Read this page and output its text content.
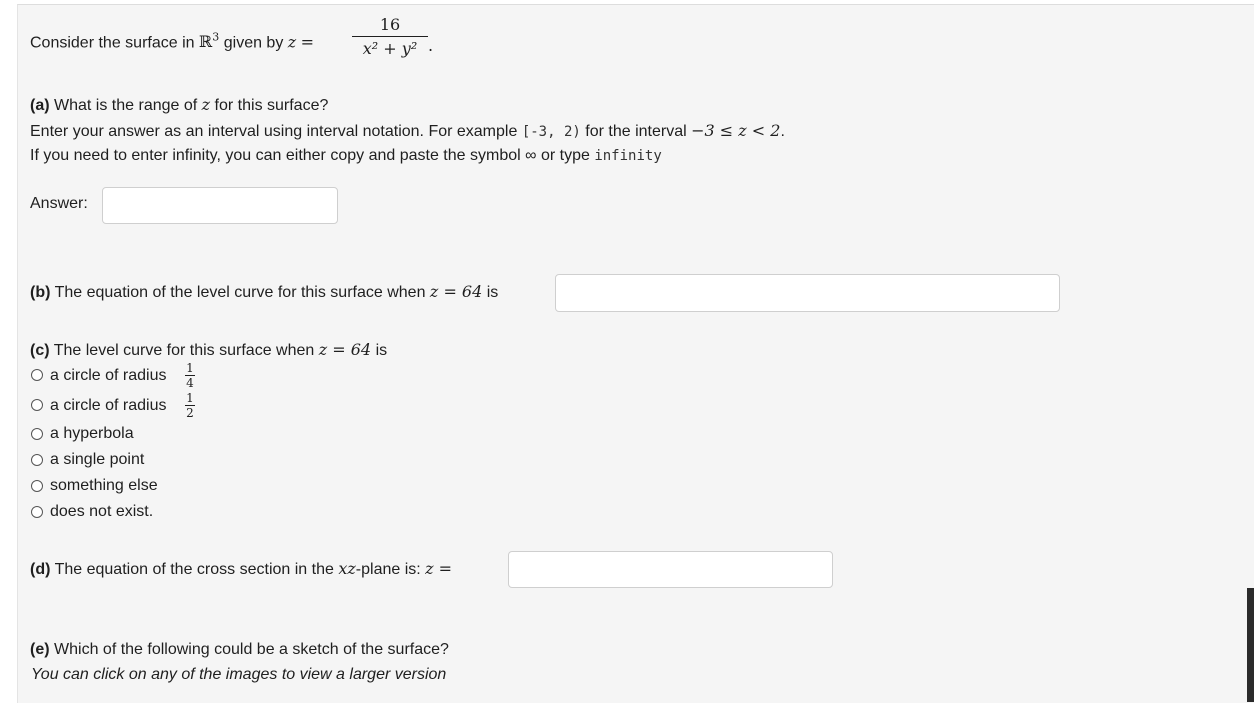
Consider the surface in ℝ$^3$ given by $z = \frac{16}{\text{x² + y²}}$ .
(a) What is the range of z for this surface?
Enter your answer as an interval using interval notation. For example [-3, 2) for the interval −3 ≤ z < 2.
If you need to enter infinity, you can either copy and paste the symbol ∞ or type infinity
Answer:
(b) The equation of the level curve for this surface when z = 64 is
(c) The level curve for this surface when z = 64 is
a circle of radius $\frac{1}{4}$
a circle of radius $\frac{1}{2}$
a hyperbola
a single point
something else
does not exist.
(d) The equation of the cross section in the xz-plane is: z =
(e) Which of the following could be a sketch of the surface?
You can click on any of the images to view a larger version
